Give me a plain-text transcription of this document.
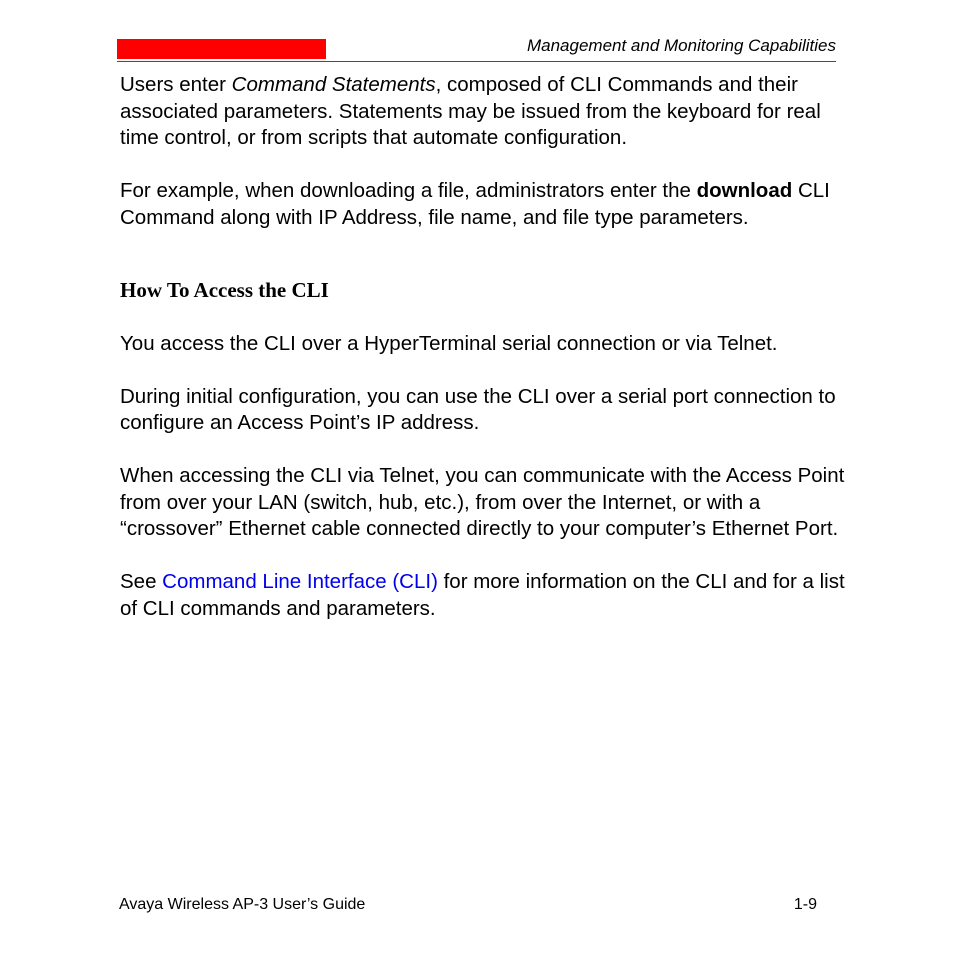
Management and Monitoring Capabilities

Users enter Command Statements, composed of CLI Commands and their associated parameters. Statements may be issued from the keyboard for real time control, or from scripts that automate configuration.

For example, when downloading a file, administrators enter the download CLI Command along with IP Address, file name, and file type parameters.

How To Access the CLI

You access the CLI over a HyperTerminal serial connection or via Telnet.

During initial configuration, you can use the CLI over a serial port connection to configure an Access Point’s IP address.

When accessing the CLI via Telnet, you can communicate with the Access Point from over your LAN (switch, hub, etc.), from over the Internet, or with a “crossover” Ethernet cable connected directly to your computer’s Ethernet Port.

See Command Line Interface (CLI) for more information on the CLI and for a list of CLI commands and parameters.

Avaya Wireless AP-3 User’s Guide	1-9
